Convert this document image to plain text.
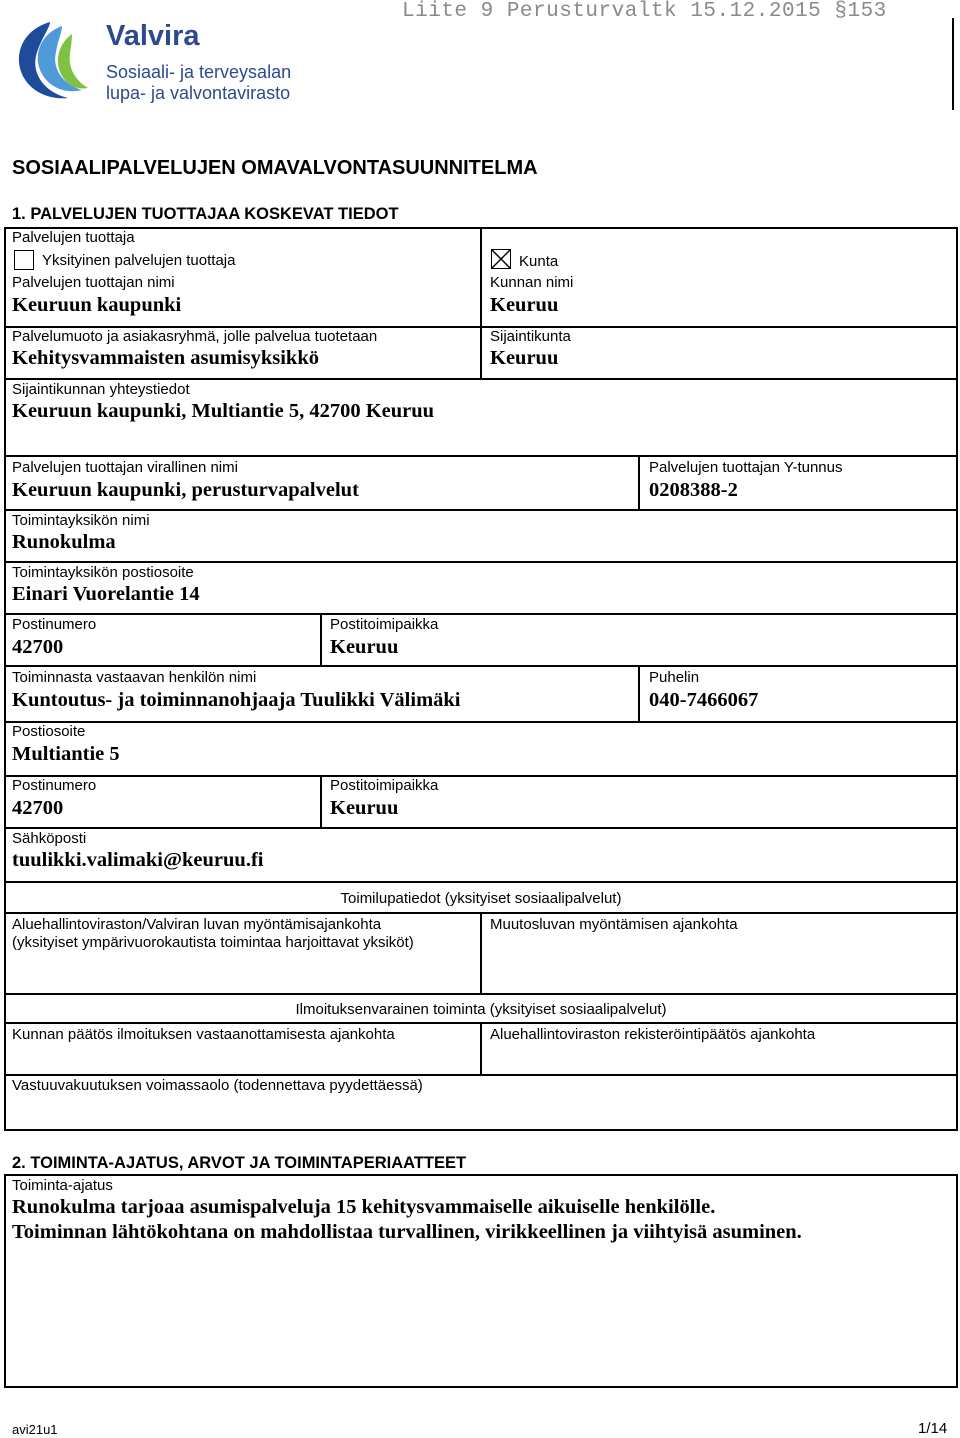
Liite 9 Perusturvaltk 15.12.2015 §153
Valvira
Sosiaali- ja terveysalan
lupa- ja valvontavirasto
SOSIAALIPALVELUJEN OMAVALVONTASUUNNITELMA
1. PALVELUJEN TUOTTAJAA KOSKEVAT TIEDOT
Palvelujen tuottaja
Yksityinen palvelujen tuottaja
Palvelujen tuottajan nimi
Keuruun kaupunki
Palvelumuoto ja asiakasryhmä, jolle palvelua tuotetaan
Kehitysvammaisten asumisyksikkö
Kunta
Kunnan nimi
Keuruu
Sijaintikunta
Keuruu
Sijaintikunnan yhteystiedot
Keuruun kaupunki, Multiantie 5, 42700 Keuruu
Palvelujen tuottajan virallinen nimi
Keuruun kaupunki, perusturvapalvelut
Palvelujen tuottajan Y-tunnus
0208388-2
Toimintayksikön nimi
Runokulma
Toimintayksikön postiosoite
Einari Vuorelantie 14
Postinumero
42700
Postitoimipaikka
Keuruu
Toiminnasta vastaavan henkilön nimi
Kuntoutus- ja toiminnanohjaaja Tuulikki Välimäki
Puhelin
040-7466067
Postiosoite
Multiantie 5
Postinumero
42700
Postitoimipaikka
Keuruu
Sähköposti
tuulikki.valimaki@keuruu.fi
Toimilupatiedot (yksityiset sosiaalipalvelut)
Aluehallintoviraston/Valviran luvan myöntämisajankohta
(yksityiset ympärivuorokautista toimintaa harjoittavat yksiköt)
Muutosluvan myöntämisen ajankohta
Ilmoituksenvarainen toiminta (yksityiset sosiaalipalvelut)
Kunnan päätös ilmoituksen vastaanottamisesta ajankohta	Aluehallintoviraston rekisteröintipäätös ajankohta
Vastuuvakuutuksen voimassaolo (todennettava pyydettäessä)
2. TOIMINTA-AJATUS, ARVOT JA TOIMINTAPERIAATTEET
Toiminta-ajatus
Runokulma tarjoaa asumispalveluja 15 kehitysvammaiselle aikuiselle henkilölle.
Toiminnan lähtökohtana on mahdollistaa turvallinen, virikkeellinen ja viihtyisä asuminen.
avi21u1	1/14
